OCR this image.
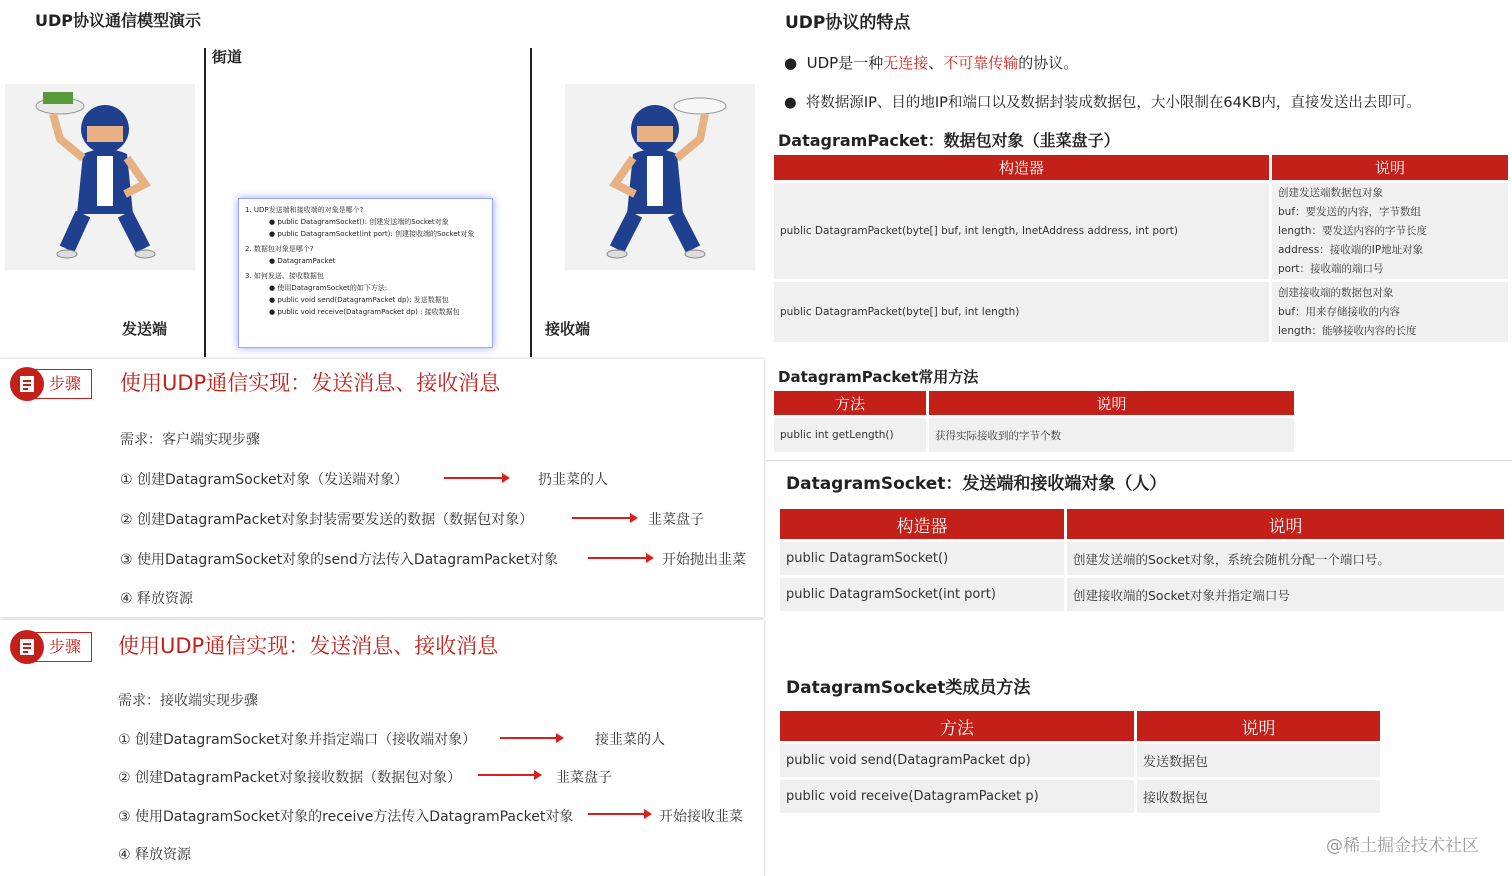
UDP协议通信模型演示
街道
发送端	接收端
1. UDP发送端和接收端的对象是哪个?
● public DatagramSocket(): 创建发送端的Socket对象
● public DatagramSocket(int port): 创建接收端的Socket对象
2. 数据包对象是哪个?
● DatagramPacket
3. 如何发送、接收数据包
● 使用DatagramSocket的如下方法:
● public void send(DatagramPacket dp): 发送数据包
● public void receive(DatagramPacket dp) : 接收数据包
UDP协议的特点
●  UDP是一种无连接、不可靠传输的协议。
●  将数据源IP、目的地IP和端口以及数据封装成数据包，大小限制在64KB内，直接发送出去即可。
DatagramPacket：数据包对象（韭菜盘子）
构造器	说明
public DatagramPacket(byte[] buf, int length, InetAddress address, int port)	创建发送端数据包对象
buf：要发送的内容，字节数组
length：要发送内容的字节长度
address：接收端的IP地址对象
port：接收端的端口号

public DatagramPacket(byte[] buf, int length)	创建接收端的数据包对象
buf：用来存储接收的内容
length：能够接收内容的长度
DatagramPacket常用方法
方法	说明
public int getLength()	获得实际接收到的字节个数
DatagramSocket：发送端和接收端对象（人）
构造器	说明
public DatagramSocket()	创建发送端的Socket对象，系统会随机分配一个端口号。
public DatagramSocket(int port)	创建接收端的Socket对象并指定端口号
DatagramSocket类成员方法
方法	说明
public void send(DatagramPacket dp)	发送数据包
public void receive(DatagramPacket p)	接收数据包
@稀土掘金技术社区
步骤	使用UDP通信实现：发送消息、接收消息
需求：客户端实现步骤
① 创建DatagramSocket对象（发送端对象）	扔韭菜的人
② 创建DatagramPacket对象封装需要发送的数据（数据包对象）	韭菜盘子
③ 使用DatagramSocket对象的send方法传入DatagramPacket对象	开始抛出韭菜
④ 释放资源
步骤	使用UDP通信实现：发送消息、接收消息
需求：接收端实现步骤
① 创建DatagramSocket对象并指定端口（接收端对象）	接韭菜的人
② 创建DatagramPacket对象接收数据（数据包对象）	韭菜盘子
③ 使用DatagramSocket对象的receive方法传入DatagramPacket对象	开始接收韭菜
④ 释放资源
